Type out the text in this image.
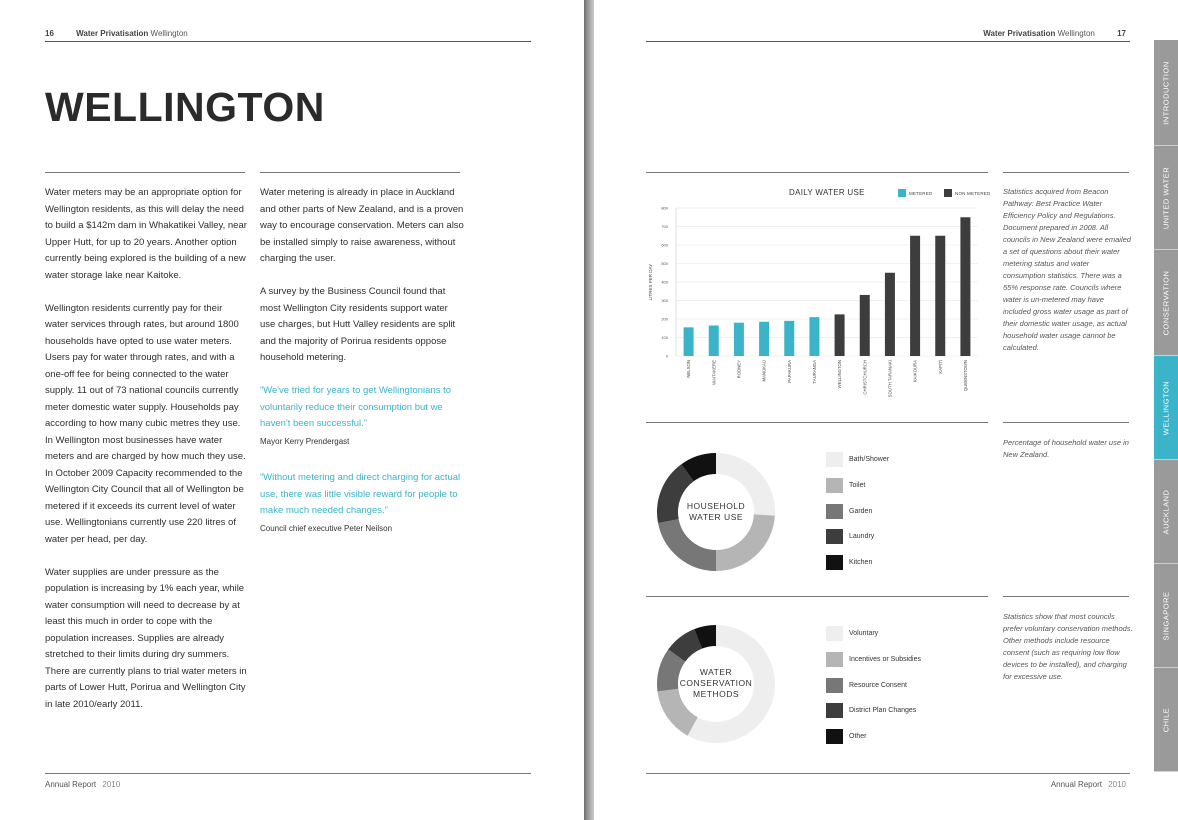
16	Water Privatisation Wellington
WELLINGTON

Water meters may be an appropriate option for Wellington residents, as this will delay the need to build a $142m dam in Whakatikei Valley, near Upper Hutt, for up to 20 years. Another option currently being explored is the building of a new water storage lake near Kaitoke.

Wellington residents currently pay for their water services through rates, but around 1800 households have opted to use water meters. Users pay for water through rates, and with a one-off fee for being connected to the water supply. 11 out of 73 national councils currently meter domestic water supply. Households pay according to how many cubic metres they use. In Wellington most businesses have water meters and are charged by how much they use. In October 2009 Capacity recommended to the Wellington City Council that all of Wellington be metered if it exceeds its current level of water use. Wellingtonians currently use 220 litres of water per head, per day.

Water supplies are under pressure as the population is increasing by 1% each year, while water consumption will need to decrease by at least this much in order to cope with the population increases. Supplies are already stretched to their limits during dry summers. There are currently plans to trial water meters in parts of Lower Hutt, Porirua and Wellington City in late 2010/early 2011.

Water metering is already in place in Auckland and other parts of New Zealand, and is a proven way to encourage conservation. Meters can also be installed simply to raise awareness, without charging the user.

A survey by the Business Council found that most Wellington City residents support water use charges, but Hutt Valley residents are split and the majority of Porirua residents oppose household metering.

“We've tried for years to get Wellingtonians to voluntarily reduce their consumption but we haven't been successful.”
Mayor Kerry Prendergast
“Without metering and direct charging for actual use, there was little visible reward for people to make much needed changes.”
Council chief executive Peter Neilson
Annual Report 2010
Water Privatisation Wellington	17
DAILY WATER USE	METERED	NON METERED
LITRES PER DAY
0
100
200
300
400
500
600
700
800
NELSON	WAITAKERE	RODNEY	MANUKAU	PAPAKURA	TAURANGA	WELLINGTON	CHRISTCHURCH	SOUTH TARANAKI	KAIKOURA	KAPITI	QUEENSTOWN
Statistics acquired from Beacon Pathway: Best Practice Water Efficiency Policy and Regulations. Document prepared in 2008. All councils in New Zealand were emailed a set of questions about their water metering status and water consumption statistics. There was a 55% response rate. Councils where water is un-metered may have included gross water usage as part of their domestic water usage, as actual household water usage cannot be calculated.
HOUSEHOLD
WATER USE
Bath/Shower
Toilet
Garden
Laundry
Kitchen
Percentage of household water use in New Zealand.
WATER
CONSERVATION
METHODS
Voluntary
Incentives or Subsidies
Resource Consent
District Plan Changes
Other
Statistics show that most councils prefer voluntary conservation methods. Other methods include resource consent (such as requiring low flow devices to be installed), and charging for excessive use.
Annual Report 2010
INTRODUCTION
UNITED WATER
CONSERVATION
WELLINGTON
AUCKLAND
SINGAPORE
CHILE
